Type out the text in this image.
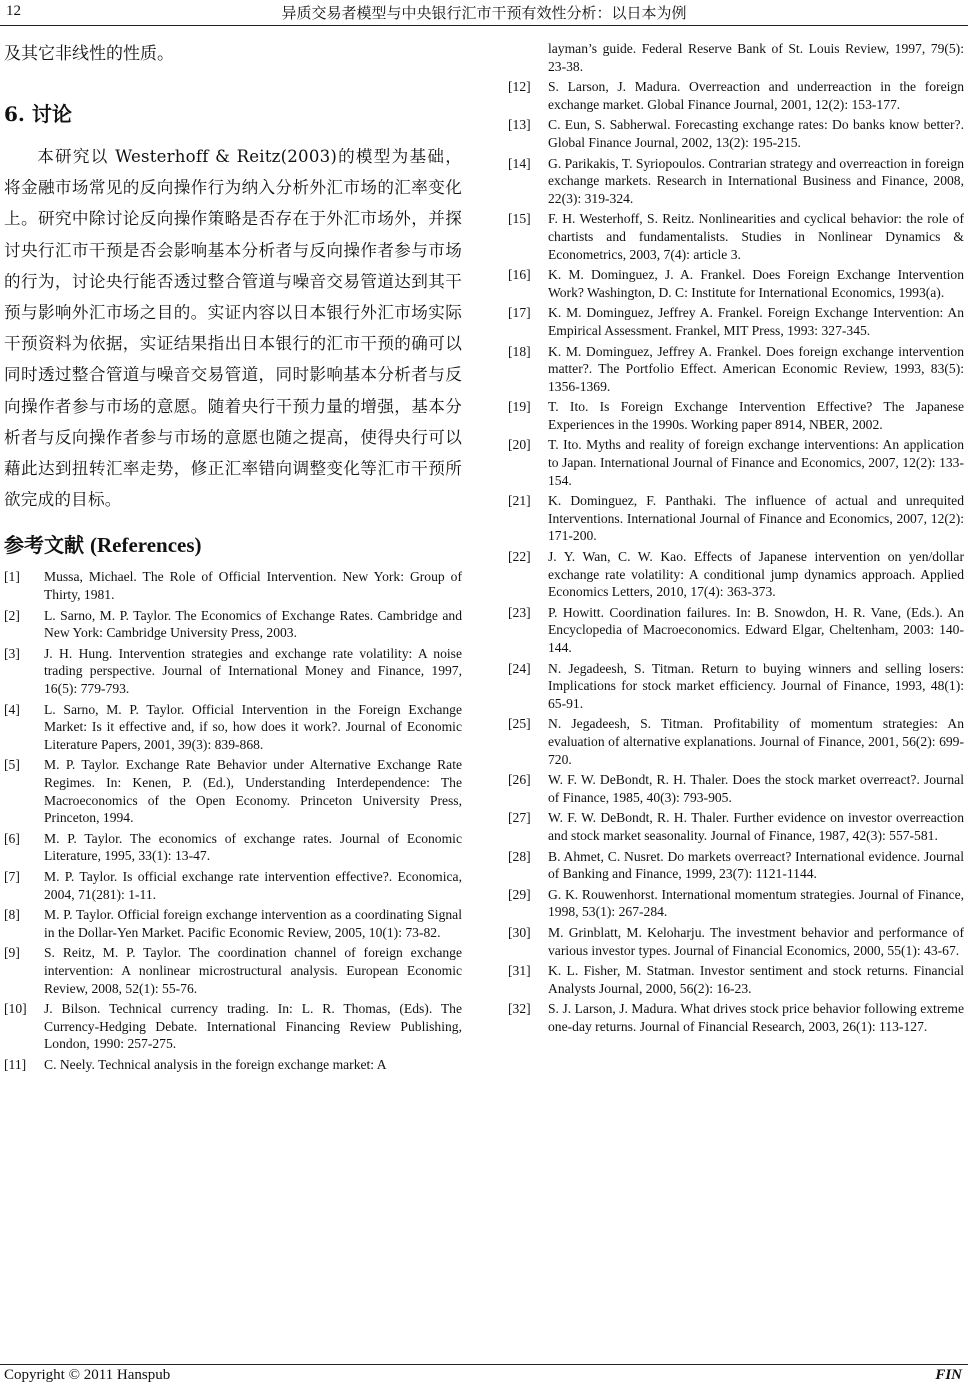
12	异质交易者模型与中央银行汇市干预有效性分析：以日本为例
及其它非线性的性质。
6. 讨论

本研究以 Westerhoff & Reitz(2003)的模型为基础，将金融市场常见的反向操作行为纳入分析外汇市场的汇率变化上。研究中除讨论反向操作策略是否存在于外汇市场外，并探讨央行汇市干预是否会影响基本分析者与反向操作者参与市场的行为，讨论央行能否透过整合管道与噪音交易管道达到其干预与影响外汇市场之目的。实证内容以日本银行外汇市场实际干预资料为依据，实证结果指出日本银行的汇市干预的确可以同时透过整合管道与噪音交易管道，同时影响基本分析者与反向操作者参与市场的意愿。随着央行干预力量的增强，基本分析者与反向操作者参与市场的意愿也随之提高，使得央行可以藉此达到扭转汇率走势，修正汇率错向调整变化等汇市干预所欲完成的目标。

参考文献 (References)
[1] Mussa, Michael. The Role of Official Intervention. New York: Group of Thirty, 1981.
[2] L. Sarno, M. P. Taylor. The Economics of Exchange Rates. Cambridge and New York: Cambridge University Press, 2003.
[3] J. H. Hung. Intervention strategies and exchange rate volatility: A noise trading perspective. Journal of International Money and Finance, 1997, 16(5): 779-793.
[4] L. Sarno, M. P. Taylor. Official Intervention in the Foreign Exchange Market: Is it effective and, if so, how does it work?. Journal of Economic Literature Papers, 2001, 39(3): 839-868.
[5] M. P. Taylor. Exchange Rate Behavior under Alternative Exchange Rate Regimes. In: Kenen, P. (Ed.), Understanding Interdependence: The Macroeconomics of the Open Economy. Princeton University Press, Princeton, 1994.
[6] M. P. Taylor. The economics of exchange rates. Journal of Economic Literature, 1995, 33(1): 13-47.
[7] M. P. Taylor. Is official exchange rate intervention effective?. Economica, 2004, 71(281): 1-11.
[8] M. P. Taylor. Official foreign exchange intervention as a coordinating Signal in the Dollar-Yen Market. Pacific Economic Review, 2005, 10(1): 73-82.
[9] S. Reitz, M. P. Taylor. The coordination channel of foreign exchange intervention: A nonlinear microstructural analysis. European Economic Review, 2008, 52(1): 55-76.
[10] J. Bilson. Technical currency trading. In: L. R. Thomas, (Eds). The Currency-Hedging Debate. International Financing Review Publishing, London, 1990: 257-275.
[11] C. Neely. Technical analysis in the foreign exchange market: A
layman’s guide. Federal Reserve Bank of St. Louis Review, 1997, 79(5): 23-38.
[12] S. Larson, J. Madura. Overreaction and underreaction in the foreign exchange market. Global Finance Journal, 2001, 12(2): 153-177.
[13] C. Eun, S. Sabherwal. Forecasting exchange rates: Do banks know better?. Global Finance Journal, 2002, 13(2): 195-215.
[14] G. Parikakis, T. Syriopoulos. Contrarian strategy and overreaction in foreign exchange markets. Research in International Business and Finance, 2008, 22(3): 319-324.
[15] F. H. Westerhoff, S. Reitz. Nonlinearities and cyclical behavior: the role of chartists and fundamentalists. Studies in Nonlinear Dynamics & Econometrics, 2003, 7(4): article 3.
[16] K. M. Dominguez, J. A. Frankel. Does Foreign Exchange Intervention Work? Washington, D. C: Institute for International Economics, 1993(a).
[17] K. M. Dominguez, Jeffrey A. Frankel. Foreign Exchange Intervention: An Empirical Assessment. Frankel, MIT Press, 1993: 327-345.
[18] K. M. Dominguez, Jeffrey A. Frankel. Does foreign exchange intervention matter?. The Portfolio Effect. American Economic Review, 1993, 83(5): 1356-1369.
[19] T. Ito. Is Foreign Exchange Intervention Effective? The Japanese Experiences in the 1990s. Working paper 8914, NBER, 2002.
[20] T. Ito. Myths and reality of foreign exchange interventions: An application to Japan. International Journal of Finance and Economics, 2007, 12(2): 133-154.
[21] K. Dominguez, F. Panthaki. The influence of actual and unrequited Interventions. International Journal of Finance and Economics, 2007, 12(2): 171-200.
[22] J. Y. Wan, C. W. Kao. Effects of Japanese intervention on yen/dollar exchange rate volatility: A conditional jump dynamics approach. Applied Economics Letters, 2010, 17(4): 363-373.
[23] P. Howitt. Coordination failures. In: B. Snowdon, H. R. Vane, (Eds.). An Encyclopedia of Macroeconomics. Edward Elgar, Cheltenham, 2003: 140-144.
[24] N. Jegadeesh, S. Titman. Return to buying winners and selling losers: Implications for stock market efficiency. Journal of Finance, 1993, 48(1): 65-91.
[25] N. Jegadeesh, S. Titman. Profitability of momentum strategies: An evaluation of alternative explanations. Journal of Finance, 2001, 56(2): 699-720.
[26] W. F. W. DeBondt, R. H. Thaler. Does the stock market overreact?. Journal of Finance, 1985, 40(3): 793-905.
[27] W. F. W. DeBondt, R. H. Thaler. Further evidence on investor overreaction and stock market seasonality. Journal of Finance, 1987, 42(3): 557-581.
[28] B. Ahmet, C. Nusret. Do markets overreact? International evidence. Journal of Banking and Finance, 1999, 23(7): 1121-1144.
[29] G. K. Rouwenhorst. International momentum strategies. Journal of Finance, 1998, 53(1): 267-284.
[30] M. Grinblatt, M. Keloharju. The investment behavior and performance of various investor types. Journal of Financial Economics, 2000, 55(1): 43-67.
[31] K. L. Fisher, M. Statman. Investor sentiment and stock returns. Financial Analysts Journal, 2000, 56(2): 16-23.
[32] S. J. Larson, J. Madura. What drives stock price behavior following extreme one-day returns. Journal of Financial Research, 2003, 26(1): 113-127.
Copyright © 2011 Hanspub	FIN
